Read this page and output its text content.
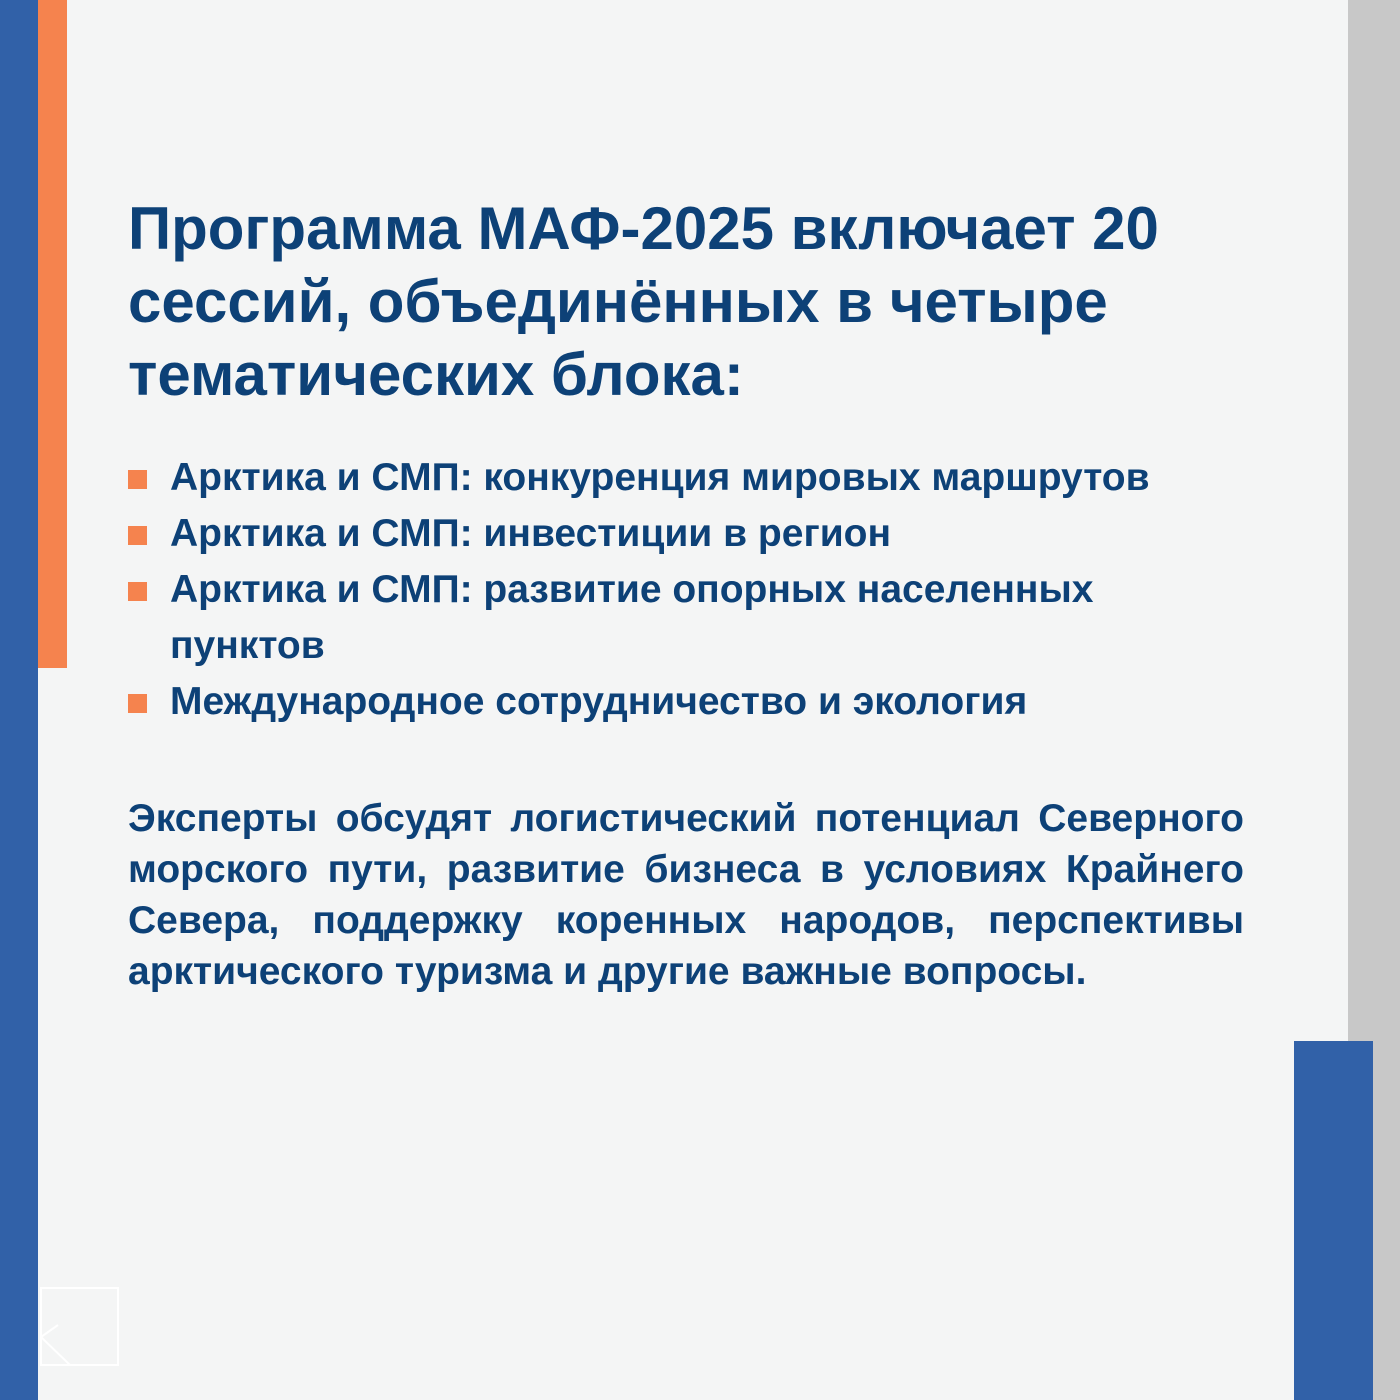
Программа МАФ-2025 включает 20 сессий, объединённых в четыре тематических блока:
Арктика и СМП: конкуренция мировых маршрутов
Арктика и СМП: инвестиции в регион
Арктика и СМП: развитие опорных населенных пунктов
Международное сотрудничество и экология

Эксперты обсудят логистический потенциал Северного морского пути, развитие бизнеса в условиях Крайнего Севера, поддержку коренных народов, перспективы арктического туризма и другие важные вопросы.
